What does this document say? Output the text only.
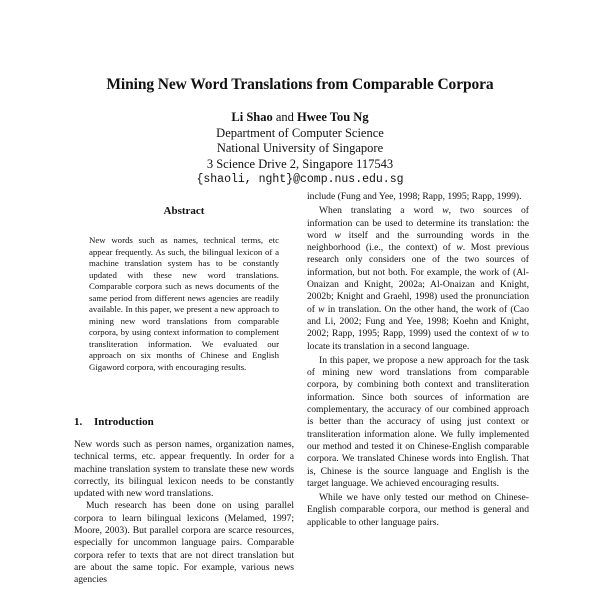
Mining New Word Translations from Comparable Corpora
Li Shao and Hwee Tou Ng
Department of Computer Science
National University of Singapore
3 Science Drive 2, Singapore 117543
{shaoli, nght}@comp.nus.edu.sg
Abstract

New words such as names, technical terms, etc appear frequently. As such, the bilingual lexicon of a machine translation system has to be constantly updated with these new word translations. Comparable corpora such as news documents of the same period from different news agencies are readily available. In this paper, we present a new approach to mining new word translations from comparable corpora, by using context information to complement transliteration information. We evaluated our approach on six months of Chinese and English Gigaword corpora, with encouraging results.

1. Introduction

New words such as person names, organization names, technical terms, etc. appear frequently. In order for a machine translation system to translate these new words correctly, its bilingual lexicon needs to be constantly updated with new word translations.

Much research has been done on using parallel corpora to learn bilingual lexicons (Melamed, 1997; Moore, 2003). But parallel corpora are scarce resources, especially for uncommon language pairs. Comparable corpora refer to texts that are not direct translation but are about the same topic. For example, various news agencies

include (Fung and Yee, 1998; Rapp, 1995; Rapp, 1999).

When translating a word w, two sources of information can be used to determine its translation: the word w itself and the surrounding words in the neighborhood (i.e., the context) of w. Most previous research only considers one of the two sources of information, but not both. For example, the work of (Al-Onaizan and Knight, 2002a; Al-Onaizan and Knight, 2002b; Knight and Graehl, 1998) used the pronunciation of w in translation. On the other hand, the work of (Cao and Li, 2002; Fung and Yee, 1998; Koehn and Knight, 2002; Rapp, 1995; Rapp, 1999) used the context of w to locate its translation in a second language.

In this paper, we propose a new approach for the task of mining new word translations from comparable corpora, by combining both context and transliteration information. Since both sources of information are complementary, the accuracy of our combined approach is better than the accuracy of using just context or transliteration information alone. We fully implemented our method and tested it on Chinese-English comparable corpora. We translated Chinese words into English. That is, Chinese is the source language and English is the target language. We achieved encouraging results.

While we have only tested our method on Chinese-English comparable corpora, our method is general and applicable to other language pairs.
